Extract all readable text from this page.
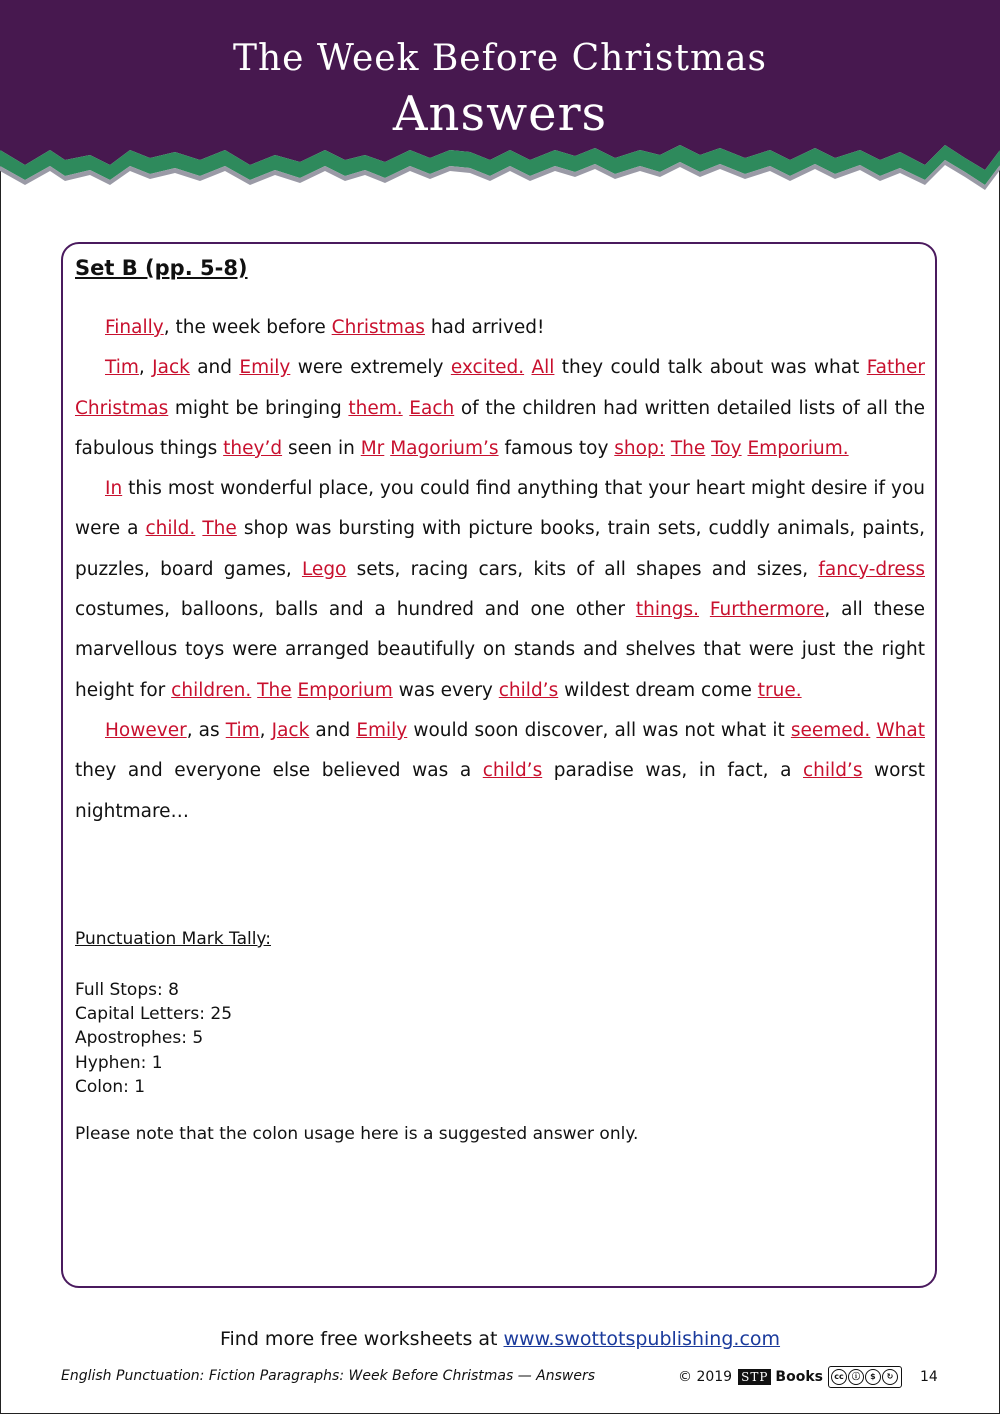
The Week Before Christmas
Answers
Set B (pp. 5-8)

Finally, the week before Christmas had arrived!

Tim, Jack and Emily were extremely excited. All they could talk about was what Father Christmas might be bringing them. Each of the children had written detailed lists of all the fabulous things they’d seen in Mr Magorium’s famous toy shop: The Toy Emporium.

In this most wonderful place, you could find anything that your heart might desire if you were a child. The shop was bursting with picture books, train sets, cuddly animals, paints, puzzles, board games, Lego sets, racing cars, kits of all shapes and sizes, fancy-dress costumes, balloons, balls and a hundred and one other things. Furthermore, all these marvellous toys were arranged beautifully on stands and shelves that were just the right height for children. The Emporium was every child’s wildest dream come true.

However, as Tim, Jack and Emily would soon discover, all was not what it seemed. What they and everyone else believed was a child’s paradise was, in fact, a child’s worst nightmare…

Punctuation Mark Tally:
Full Stops: 8
Capital Letters: 25
Apostrophes: 5
Hyphen: 1
Colon: 1
Please note that the colon usage here is a suggested answer only.
Find more free worksheets at www.swottotspublishing.com
English Punctuation: Fiction Paragraphs: Week Before Christmas — Answers	© 2019 STP Books	cc	ⓘ	$	↻	14
